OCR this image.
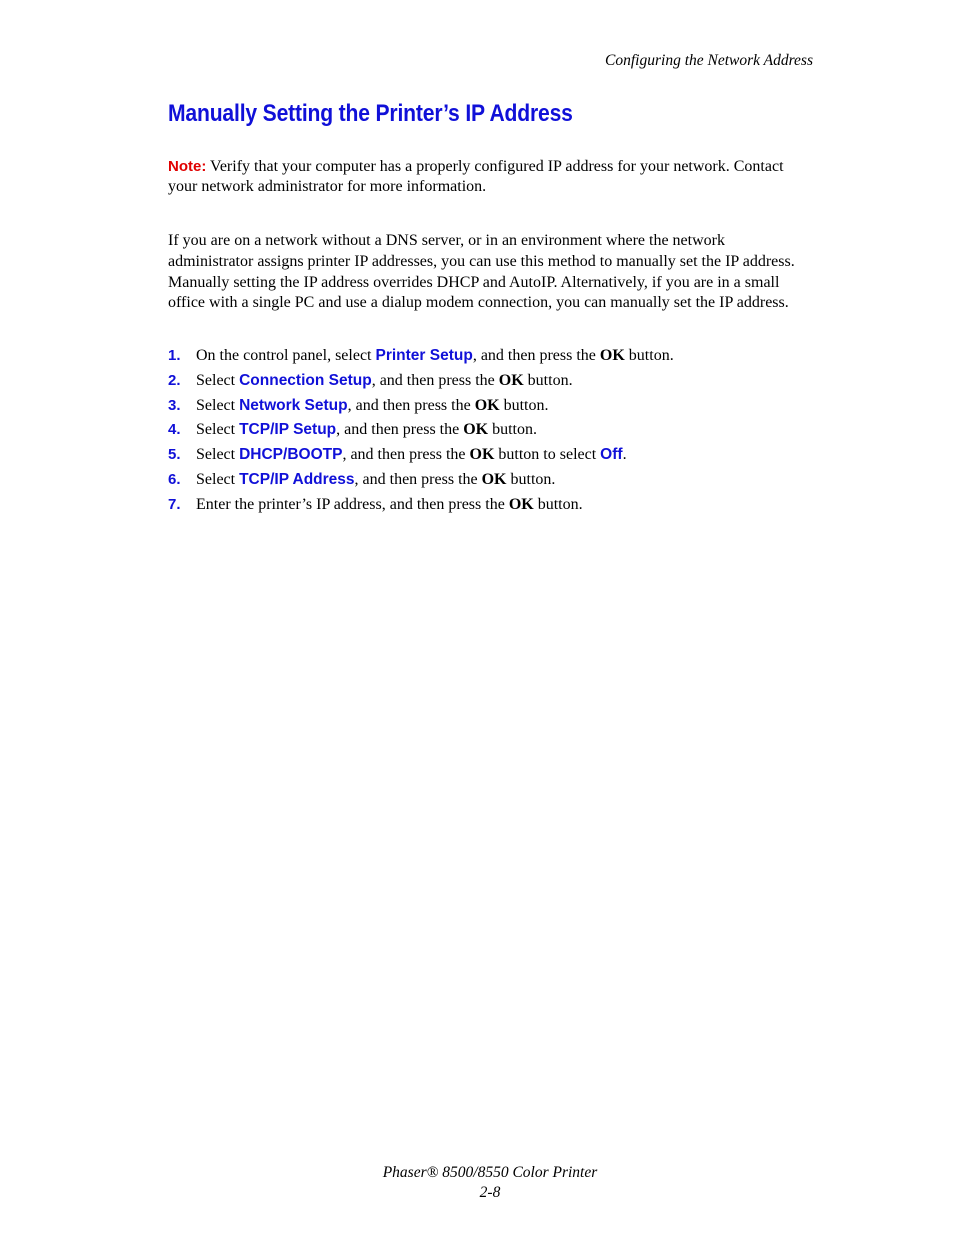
Configuring the Network Address
Manually Setting the Printer’s IP Address
Note: Verify that your computer has a properly configured IP address for your network. Contact your network administrator for more information.

If you are on a network without a DNS server, or in an environment where the network administrator assigns printer IP addresses, you can use this method to manually set the IP address. Manually setting the IP address overrides DHCP and AutoIP. Alternatively, if you are in a small office with a single PC and use a dialup modem connection, you can manually set the IP address.

1. On the control panel, select Printer Setup, and then press the OK button.
2. Select Connection Setup, and then press the OK button.
3. Select Network Setup, and then press the OK button.
4. Select TCP/IP Setup, and then press the OK button.
5. Select DHCP/BOOTP, and then press the OK button to select Off.
6. Select TCP/IP Address, and then press the OK button.
7. Enter the printer’s IP address, and then press the OK button.
Phaser® 8500/8550 Color Printer
2-8
